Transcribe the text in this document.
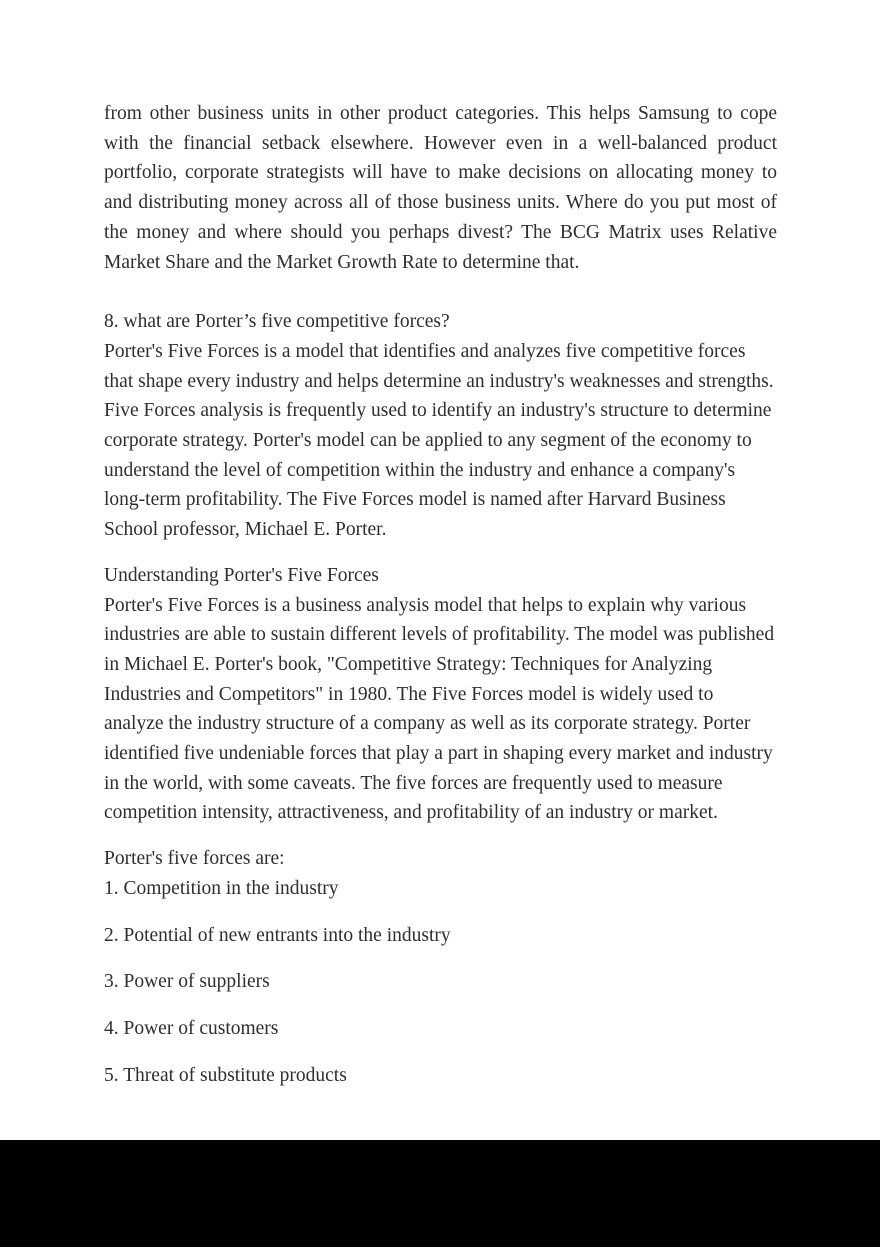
from other business units in other product categories. This helps Samsung to cope with the financial setback elsewhere. However even in a well-balanced product portfolio, corporate strategists will have to make decisions on allocating money to and distributing money across all of those business units. Where do you put most of the money and where should you perhaps divest? The BCG Matrix uses Relative Market Share and the Market Growth Rate to determine that.

8. what are Porter’s five competitive forces?

Porter's Five Forces is a model that identifies and analyzes five competitive forces that shape every industry and helps determine an industry's weaknesses and strengths. Five Forces analysis is frequently used to identify an industry's structure to determine corporate strategy. Porter's model can be applied to any segment of the economy to understand the level of competition within the industry and enhance a company's long-term profitability. The Five Forces model is named after Harvard Business School professor, Michael E. Porter.

Understanding Porter's Five Forces

Porter's Five Forces is a business analysis model that helps to explain why various industries are able to sustain different levels of profitability. The model was published in Michael E. Porter's book, "Competitive Strategy: Techniques for Analyzing Industries and Competitors" in 1980. The Five Forces model is widely used to analyze the industry structure of a company as well as its corporate strategy. Porter identified five undeniable forces that play a part in shaping every market and industry in the world, with some caveats. The five forces are frequently used to measure competition intensity, attractiveness, and profitability of an industry or market.

Porter's five forces are:

1. Competition in the industry

2. Potential of new entrants into the industry

3. Power of suppliers

4. Power of customers

5. Threat of substitute products
